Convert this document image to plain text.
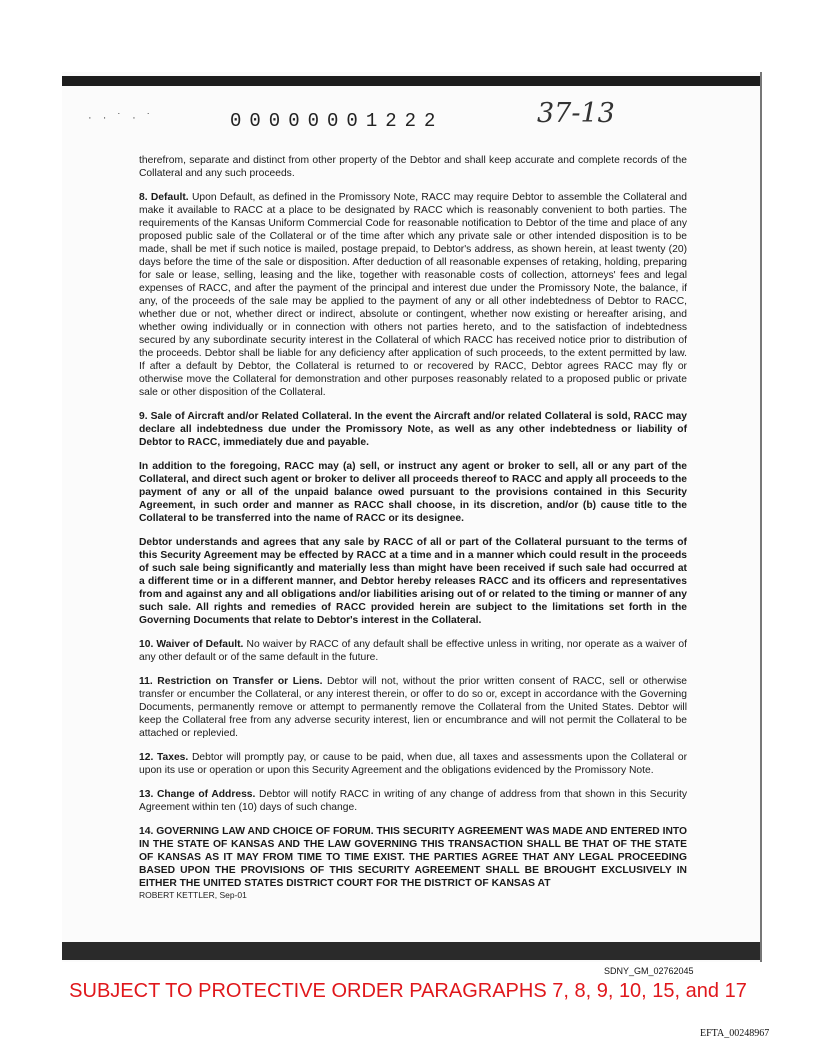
· · ˙ · ˙	00000001222	37-13

therefrom, separate and distinct from other property of the Debtor and shall keep accurate and complete records of the Collateral and any such proceeds.

8. Default. Upon Default, as defined in the Promissory Note, RACC may require Debtor to assemble the Collateral and make it available to RACC at a place to be designated by RACC which is reasonably convenient to both parties. The requirements of the Kansas Uniform Commercial Code for reasonable notification to Debtor of the time and place of any proposed public sale of the Collateral or of the time after which any private sale or other intended disposition is to be made, shall be met if such notice is mailed, postage prepaid, to Debtor's address, as shown herein, at least twenty (20) days before the time of the sale or disposition. After deduction of all reasonable expenses of retaking, holding, preparing for sale or lease, selling, leasing and the like, together with reasonable costs of collection, attorneys' fees and legal expenses of RACC, and after the payment of the principal and interest due under the Promissory Note, the balance, if any, of the proceeds of the sale may be applied to the payment of any or all other indebtedness of Debtor to RACC, whether due or not, whether direct or indirect, absolute or contingent, whether now existing or hereafter arising, and whether owing individually or in connection with others not parties hereto, and to the satisfaction of indebtedness secured by any subordinate security interest in the Collateral of which RACC has received notice prior to distribution of the proceeds. Debtor shall be liable for any deficiency after application of such proceeds, to the extent permitted by law. If after a default by Debtor, the Collateral is returned to or recovered by RACC, Debtor agrees RACC may fly or otherwise move the Collateral for demonstration and other purposes reasonably related to a proposed public or private sale or other disposition of the Collateral.

9. Sale of Aircraft and/or Related Collateral. In the event the Aircraft and/or related Collateral is sold, RACC may declare all indebtedness due under the Promissory Note, as well as any other indebtedness or liability of Debtor to RACC, immediately due and payable.

In addition to the foregoing, RACC may (a) sell, or instruct any agent or broker to sell, all or any part of the Collateral, and direct such agent or broker to deliver all proceeds thereof to RACC and apply all proceeds to the payment of any or all of the unpaid balance owed pursuant to the provisions contained in this Security Agreement, in such order and manner as RACC shall choose, in its discretion, and/or (b) cause title to the Collateral to be transferred into the name of RACC or its designee.

Debtor understands and agrees that any sale by RACC of all or part of the Collateral pursuant to the terms of this Security Agreement may be effected by RACC at a time and in a manner which could result in the proceeds of such sale being significantly and materially less than might have been received if such sale had occurred at a different time or in a different manner, and Debtor hereby releases RACC and its officers and representatives from and against any and all obligations and/or liabilities arising out of or related to the timing or manner of any such sale. All rights and remedies of RACC provided herein are subject to the limitations set forth in the Governing Documents that relate to Debtor's interest in the Collateral.

10. Waiver of Default. No waiver by RACC of any default shall be effective unless in writing, nor operate as a waiver of any other default or of the same default in the future.

11. Restriction on Transfer or Liens. Debtor will not, without the prior written consent of RACC, sell or otherwise transfer or encumber the Collateral, or any interest therein, or offer to do so or, except in accordance with the Governing Documents, permanently remove or attempt to permanently remove the Collateral from the United States. Debtor will keep the Collateral free from any adverse security interest, lien or encumbrance and will not permit the Collateral to be attached or replevied.

12. Taxes. Debtor will promptly pay, or cause to be paid, when due, all taxes and assessments upon the Collateral or upon its use or operation or upon this Security Agreement and the obligations evidenced by the Promissory Note.

13. Change of Address. Debtor will notify RACC in writing of any change of address from that shown in this Security Agreement within ten (10) days of such change.

14. GOVERNING LAW AND CHOICE OF FORUM. THIS SECURITY AGREEMENT WAS MADE AND ENTERED INTO IN THE STATE OF KANSAS AND THE LAW GOVERNING THIS TRANSACTION SHALL BE THAT OF THE STATE OF KANSAS AS IT MAY FROM TIME TO TIME EXIST. THE PARTIES AGREE THAT ANY LEGAL PROCEEDING BASED UPON THE PROVISIONS OF THIS SECURITY AGREEMENT SHALL BE BROUGHT EXCLUSIVELY IN EITHER THE UNITED STATES DISTRICT COURT FOR THE DISTRICT OF KANSAS AT

ROBERT KETTLER, Sep-01
SDNY_GM_02762045
SUBJECT TO PROTECTIVE ORDER PARAGRAPHS 7, 8, 9, 10, 15, and 17
EFTA_00248967
